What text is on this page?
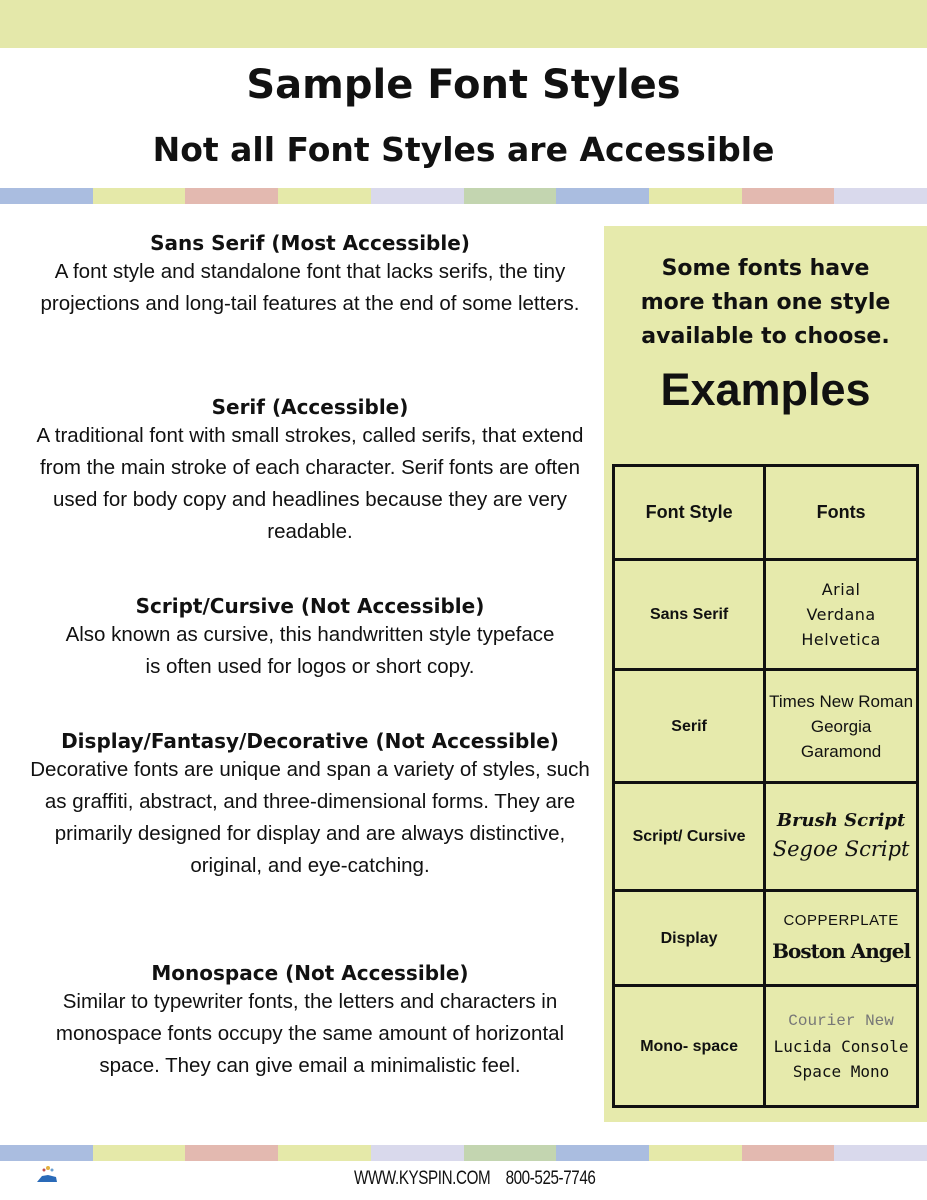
Sample Font Styles
Not all Font Styles are Accessible
Sans Serif (Most Accessible)

A font style and standalone font that lacks serifs, the tiny projections and long-tail features at the end of some letters.

Serif (Accessible)

A traditional font with small strokes, called serifs, that extend from the main stroke of each character. Serif fonts are often used for body copy and headlines because they are very readable.

Script/Cursive (Not Accessible)

Also known as cursive, this handwritten style typeface is often used for logos or short copy.

Display/Fantasy/Decorative (Not Accessible)

Decorative fonts are unique and span a variety of styles, such as graffiti, abstract, and three-dimensional forms. They are primarily designed for display and are always distinctive, original, and eye-catching.

Monospace (Not Accessible)

Similar to typewriter fonts, the letters and characters in monospace fonts occupy the same amount of horizontal space. They can give email a minimalistic feel.

Some fonts have more than one style available to choose.
Examples
Font Style	Fonts
Sans Serif	Arial
Verdana
Helvetica

Serif	Times New Roman
Georgia
Garamond

Script/ Cursive	Brush Script
Segoe Script

Display	COPPERPLATE
Boston Angel

Mono- space	Courier New
Lucida Console
Space Mono
WWW.KYSPIN.COM 800-525-7746
